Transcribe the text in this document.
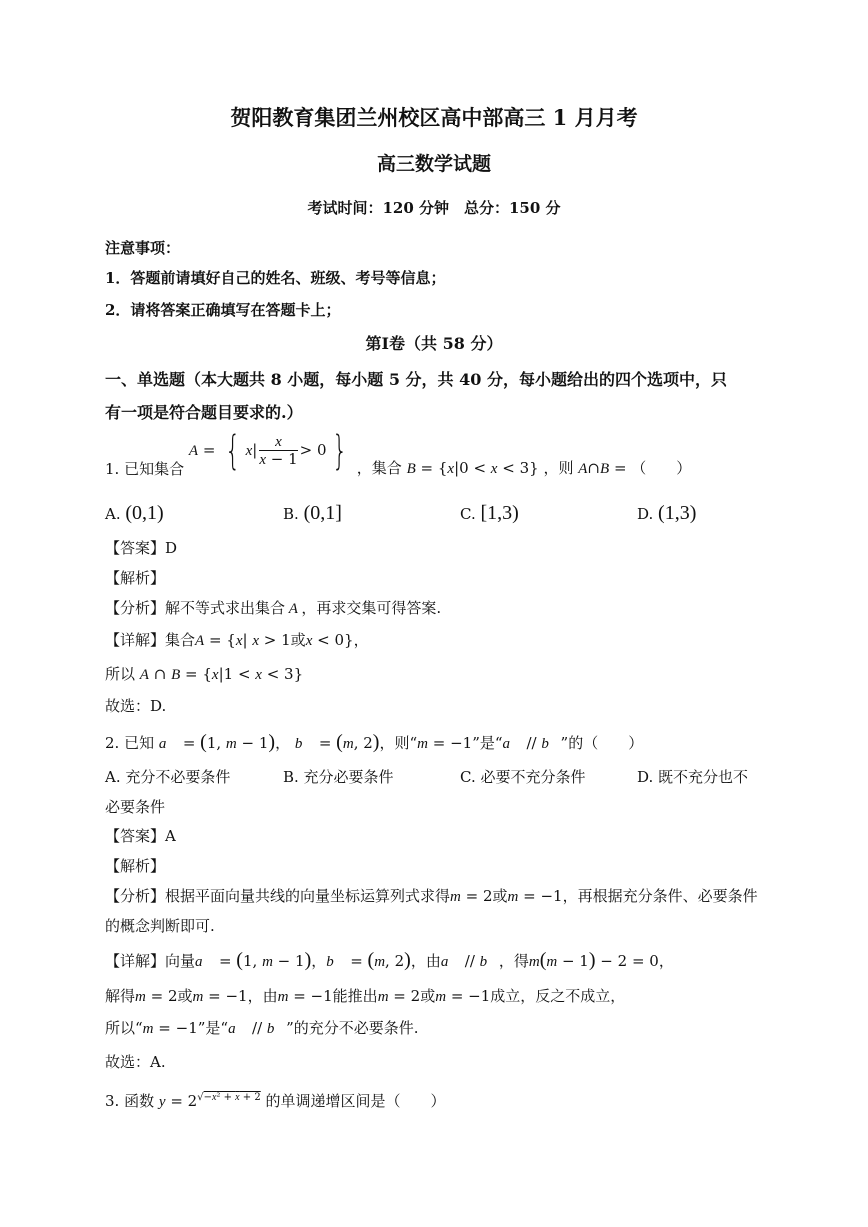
贺阳教育集团兰州校区高中部高三 1 月月考
高三数学试题
考试时间：120 分钟　总分：150 分
注意事项：
1．答题前请填好自己的姓名、班级、考号等信息；
2．请将答案正确填写在答题卡上；
第Ⅰ卷（共 58 分）
一、单选题（本大题共 8 小题，每小题 5 分，共 40 分，每小题给出的四个选项中，只
有一项是符合题目要求的.）
1. 已知集合 A = { $x| \frac{x}{x - 1} > 0$ } ，集合 B = {x|0 < x < 3} ，则 A∩B = （　　）
A. (0,1)	B. (0,1]	C. [1,3)	D. (1,3)
【答案】D
【解析】
【分析】解不等式求出集合 A ，再求交集可得答案.
【详解】集合A = {x| x > 1或x < 0}，
所以 A ∩ B = {x|1 < x < 3}
故选：D.
2. 已知 a⃗ = (1, m − 1)， b⃗ = (m, 2)，则“m = −1”是“a⃗ // b⃗”的（　　）
A. 充分不必要条件	B. 充分必要条件	C. 必要不充分条件	D. 既不充分也不
必要条件
【答案】A
【解析】
【分析】根据平面向量共线的向量坐标运算列式求得m = 2或m = −1，再根据充分条件、必要条件
的概念判断即可.
【详解】向量a⃗ = (1, m − 1)，b⃗ = (m, 2)，由a⃗ // b⃗，得m(m − 1) − 2 = 0，
解得m = 2或m = −1，由m = −1能推出m = 2或m = −1成立，反之不成立，
所以“m = −1”是“a⃗ // b⃗”的充分不必要条件.
故选：A.
3. 函数 $y = 2^{√-x^2 + x + 2}$ 的单调递增区间是（　　）
